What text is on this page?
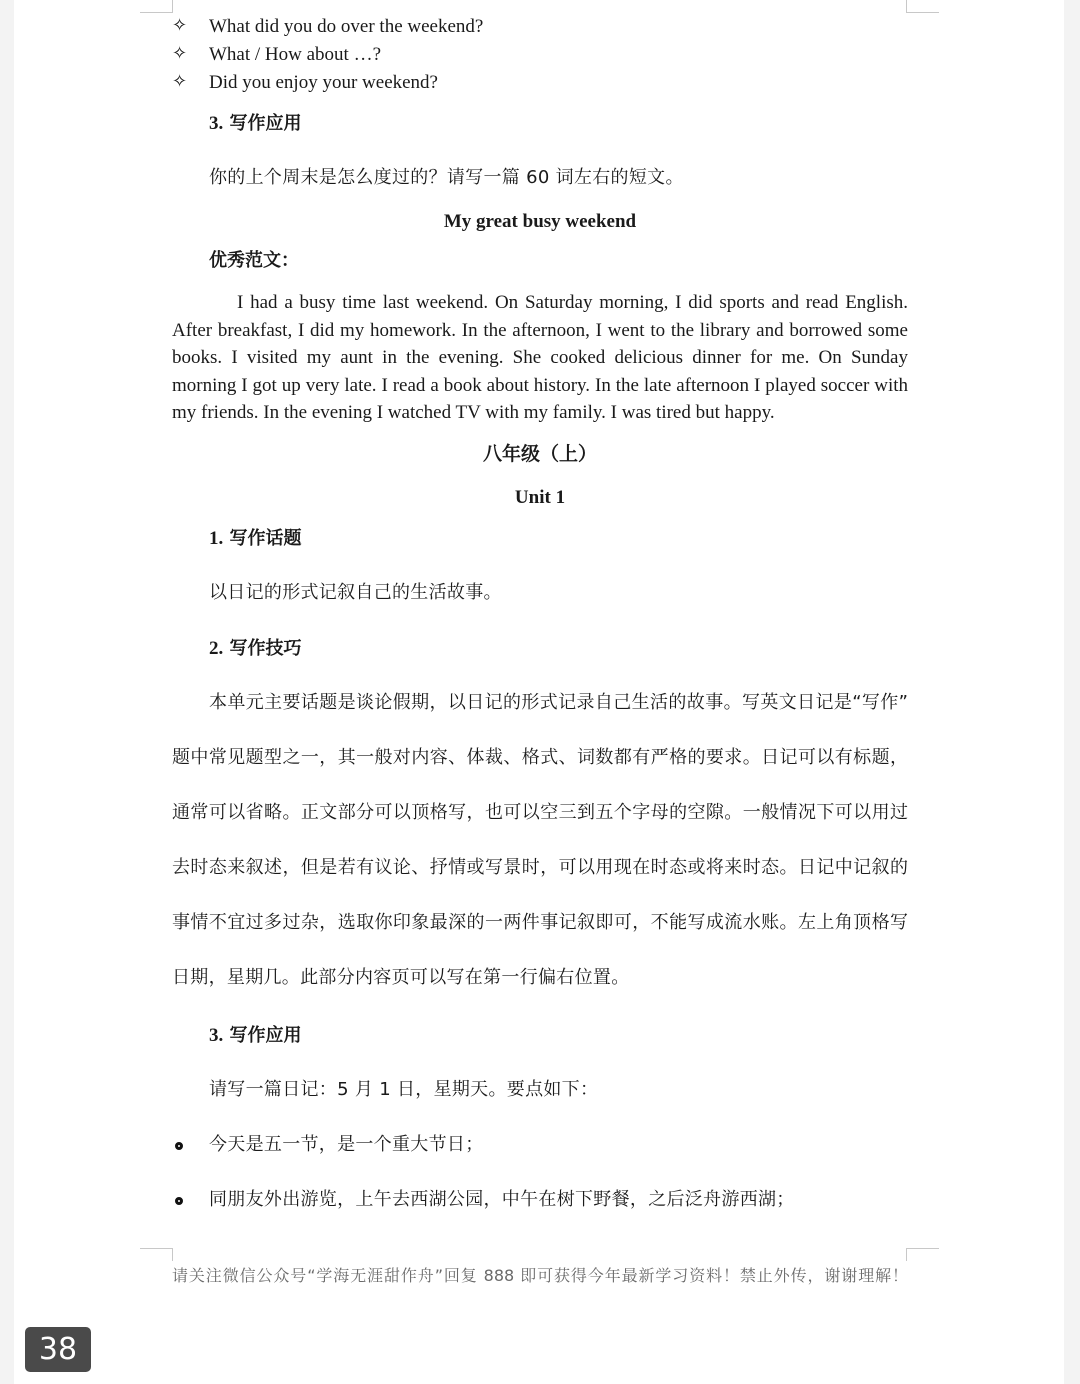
✧ What did you do over the weekend?
✧ What / How about …?
✧ Did you enjoy your weekend?
3. 写作应用
你的上个周末是怎么度过的？请写一篇 60 词左右的短文。
My great busy weekend
优秀范文：
I had a busy time last weekend. On Saturday morning, I did sports and read English. After breakfast, I did my homework. In the afternoon, I went to the library and borrowed some books. I visited my aunt in the evening. She cooked delicious dinner for me. On Sunday morning I got up very late. I read a book about history. In the late afternoon I played soccer with my friends. In the evening I watched TV with my family. I was tired but happy.
八年级（上）
Unit 1
1. 写作话题
以日记的形式记叙自己的生活故事。
2. 写作技巧
本单元主要话题是谈论假期，以日记的形式记录自己生活的故事。写英文日记是“写作”
题中常见题型之一，其一般对内容、体裁、格式、词数都有严格的要求。日记可以有标题，
通常可以省略。正文部分可以顶格写，也可以空三到五个字母的空隙。一般情况下可以用过
去时态来叙述，但是若有议论、抒情或写景时，可以用现在时态或将来时态。日记中记叙的
事情不宜过多过杂，选取你印象最深的一两件事记叙即可，不能写成流水账。左上角顶格写
日期，星期几。此部分内容页可以写在第一行偏右位置。
3. 写作应用
请写一篇日记：5 月 1 日，星期天。要点如下：
今天是五一节，是一个重大节日；
同朋友外出游览，上午去西湖公园，中午在树下野餐，之后泛舟游西湖；
请关注微信公众号“学海无涯甜作舟”回复 888 即可获得今年最新学习资料！禁止外传，谢谢理解！
38
